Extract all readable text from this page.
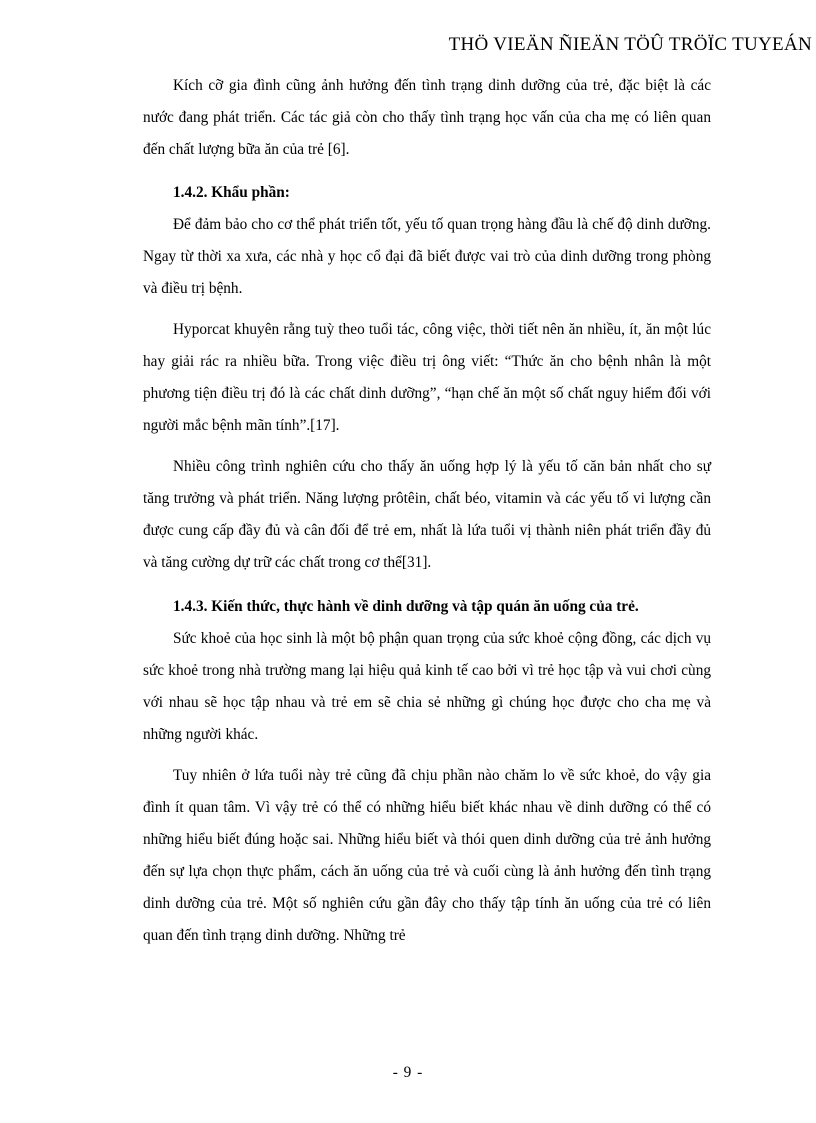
THÖ VIEÄN ÑIEÄN TÖÛ TRÖÏC TUYEÁN

Kích cỡ gia đình cũng ảnh hưởng đến tình trạng dinh dưỡng của trẻ, đặc biệt là các nước đang phát triển. Các tác giả còn cho thấy tình trạng học vấn của cha mẹ có liên quan đến chất lượng bữa ăn của trẻ [6].

1.4.2. Khẩu phần:

Để đảm bảo cho cơ thể phát triển tốt, yếu tố quan trọng hàng đầu là chế độ dinh dưỡng. Ngay từ thời xa xưa, các nhà y học cổ đại đã biết được vai trò của dinh dưỡng trong phòng và điều trị bệnh.

Hyporcat khuyên rằng tuỳ theo tuổi tác, công việc, thời tiết nên ăn nhiều, ít, ăn một lúc hay giải rác ra nhiều bữa. Trong việc điều trị ông viết: “Thức ăn cho bệnh nhân là một phương tiện điều trị đó là các chất dinh dưỡng”, “hạn chế ăn một số chất nguy hiểm đối với người mắc bệnh mãn tính”.[17].

Nhiều công trình nghiên cứu cho thấy ăn uống hợp lý là yếu tố căn bản nhất cho sự tăng trưởng và phát triển. Năng lượng prôtêin, chất béo, vitamin và các yếu tố vi lượng cần được cung cấp đầy đủ và cân đối để trẻ em, nhất là lứa tuổi vị thành niên phát triển đầy đủ và tăng cường dự trữ các chất trong cơ thể[31].

1.4.3. Kiến thức, thực hành về dinh dưỡng và tập quán ăn uống của trẻ.

Sức khoẻ của học sinh là một bộ phận quan trọng của sức khoẻ cộng đồng, các dịch vụ sức khoẻ trong nhà trường mang lại hiệu quả kinh tế cao bởi vì trẻ học tập và vui chơi cùng với nhau sẽ học tập nhau và trẻ em sẽ chia sẻ những gì chúng học được cho cha mẹ và những người khác.

Tuy nhiên ở lứa tuổi này trẻ cũng đã chịu phần nào chăm lo về sức khoẻ, do vậy gia đình ít quan tâm. Vì vậy trẻ có thể có những hiểu biết khác nhau về dinh dưỡng có thể có những hiểu biết đúng hoặc sai. Những hiểu biết và thói quen dinh dưỡng của trẻ ảnh hưởng đến sự lựa chọn thực phẩm, cách ăn uống của trẻ và cuối cùng là ảnh hưởng đến tình trạng dinh dưỡng của trẻ. Một số nghiên cứu gần đây cho thấy tập tính ăn uống của trẻ có liên quan đến tình trạng dinh dưỡng. Những trẻ

- 9 -
